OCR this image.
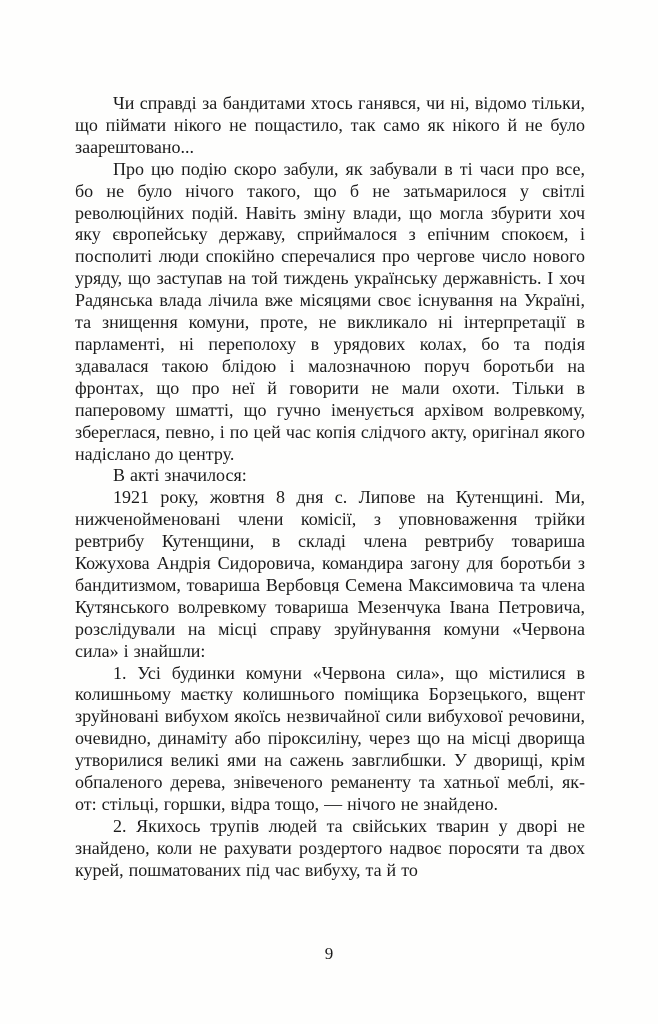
Чи справді за бандитами хтось ганявся, чи ні, відомо тільки, що піймати нікого не пощастило, так само як нікого й не було заарештовано...

Про цю подію скоро забули, як забували в ті часи про все, бо не було нічого такого, що б не затьмарилося у світлі революційних подій. Навіть зміну влади, що могла збурити хоч яку європейську державу, сприймалося з епічним спокоєм, і посполиті люди спокійно сперечалися про чергове число нового уряду, що заступав на той тиждень українську державність. І хоч Радянська влада лічила вже місяцями своє існування на Україні, та знищення комуни, проте, не викликало ні інтерпретації в парламенті, ні переполоху в урядових колах, бо та подія здавалася такою блідою і малозначною поруч боротьби на фронтах, що про неї й говорити не мали охоти. Тільки в паперовому шматті, що гучно іменується архівом волревкому, збереглася, певно, і по цей час копія слідчого акту, оригінал якого надіслано до центру.

В акті значилося:

1921 року, жовтня 8 дня с. Липове на Кутенщині. Ми, нижченойменовані члени комісії, з уповноваження трійки ревтрибу Кутенщини, в складі члена ревтрибу товариша Кожухова Андрія Сидоровича, командира загону для боротьби з бандитизмом, товариша Вербовця Семена Максимовича та члена Кутянського волревкому товариша Мезенчука Івана Петровича, розслідували на місці справу зруйнування комуни «Червона сила» і знайшли:

1. Усі будинки комуни «Червона сила», що містилися в колишньому маєтку колишнього поміщика Борзецького, вщент зруйновані вибухом якоїсь незвичайної сили вибухової речовини, очевидно, динаміту або піроксиліну, через що на місці дворища утворилися великі ями на сажень завглибшки. У дворищі, крім обпаленого дерева, знівеченого реманенту та хатньої меблі, як-от: стільці, горшки, відра тощо, — нічого не знайдено.

2. Якихось трупів людей та свійських тварин у дворі не знайдено, коли не рахувати роздертого надвоє поросяти та двох курей, пошматованих під час вибуху, та й то

9
